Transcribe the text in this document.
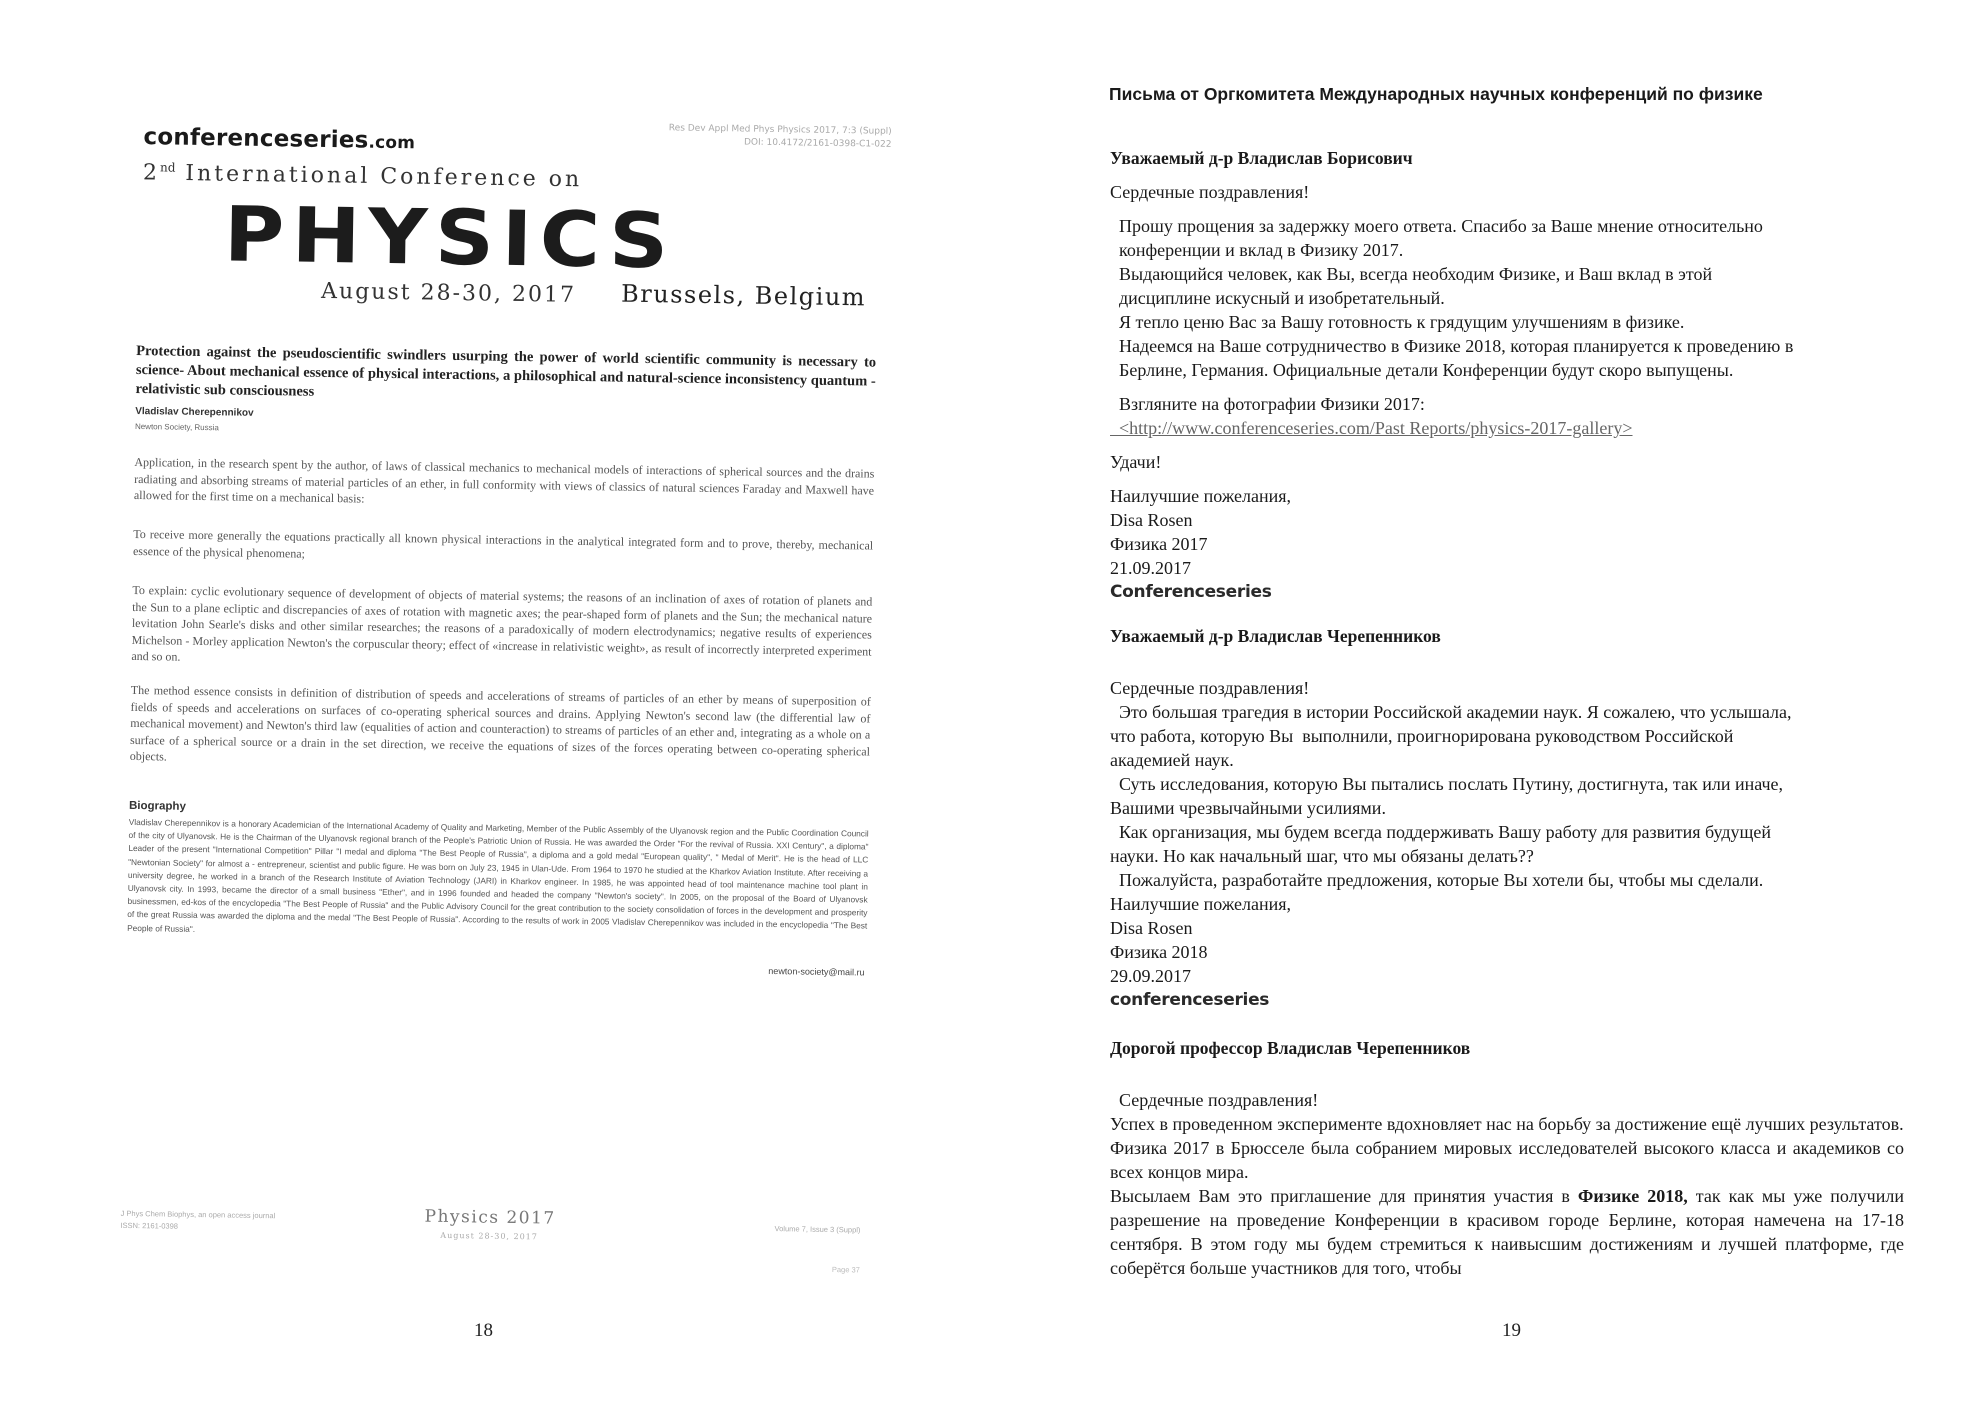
conferenceseries.com
Res Dev Appl Med Phys Physics 2017, 7:3 (Suppl)
DOI: 10.4172/2161-0398-C1-022
2nd International Conference on
PHYSICS
August 28-30, 2017 Brussels, Belgium
Protection against the pseudoscientific swindlers usurping the power of world scientific community is necessary to science- About mechanical essence of physical interactions, a philosophical and natural-science inconsistency quantum - relativistic sub consciousness
Vladislav Cherepennikov
Newton Society, Russia
Application, in the research spent by the author, of laws of classical mechanics to mechanical models of interactions of spherical sources and the drains radiating and absorbing streams of material particles of an ether, in full conformity with views of classics of natural sciences Faraday and Maxwell have allowed for the first time on a mechanical basis:
To receive more generally the equations practically all known physical interactions in the analytical integrated form and to prove, thereby, mechanical essence of the physical phenomena;
To explain: cyclic evolutionary sequence of development of objects of material systems; the reasons of an inclination of axes of rotation of planets and the Sun to a plane ecliptic and discrepancies of axes of rotation with magnetic axes; the pear-shaped form of planets and the Sun; the mechanical nature levitation John Searle's disks and other similar researches; the reasons of a paradoxically of modern electrodynamics; negative results of experiences Michelson - Morley application Newton's the corpuscular theory; effect of «increase in relativistic weight», as result of incorrectly interpreted experiment and so on.
The method essence consists in definition of distribution of speeds and accelerations of streams of particles of an ether by means of superposition of fields of speeds and accelerations on surfaces of co-operating spherical sources and drains. Applying Newton's second law (the differential law of mechanical movement) and Newton's third law (equalities of action and counteraction) to streams of particles of an ether and, integrating as a whole on a surface of a spherical source or a drain in the set direction, we receive the equations of sizes of the forces operating between co-operating spherical objects.
Biography
Vladislav Cherepennikov is a honorary Academician of the International Academy of Quality and Marketing, Member of the Public Assembly of the Ulyanovsk region and the Public Coordination Council of the city of Ulyanovsk. He is the Chairman of the Ulyanovsk regional branch of the People's Patriotic Union of Russia. He was awarded the Order "For the revival of Russia. XXI Century", a diploma" Leader of the present "International Competition" Pillar "I medal and diploma "The Best People of Russia", a diploma and a gold medal "European quality", " Medal of Merit". He is the head of LLC "Newtonian Society" for almost a - entrepreneur, scientist and public figure. He was born on July 23, 1945 in Ulan-Ude. From 1964 to 1970 he studied at the Kharkov Aviation Institute. After receiving a university degree, he worked in a branch of the Research Institute of Aviation Technology (JARI) in Kharkov engineer. In 1985, he was appointed head of tool maintenance machine tool plant in Ulyanovsk city. In 1993, became the director of a small business "Ether", and in 1996 founded and headed the company "Newton's society". In 2005, on the proposal of the Board of Ulyanovsk businessmen, ed-kos of the encyclopedia "The Best People of Russia" and the Public Advisory Council for the great contribution to the society consolidation of forces in the development and prosperity of the great Russia was awarded the diploma and the medal "The Best People of Russia". According to the results of work in 2005 Vladislav Cherepennikov was included in the encyclopedia "The Best People of Russia".
newton-society@mail.ru
J Phys Chem Biophys, an open access journal
ISSN: 2161-0398	Physics 2017
August 28-30, 2017
Volume 7, Issue 3 (Suppl)
Page 37
18
Письма от Оргкомитета Международных научных конференций по физике
Уважаемый д-р Владислав Борисович
Сердечные поздравления!
Прошу прощения за задержку моего ответа. Спасибо за Ваше мнение относительно
конференции и вклад в Физику 2017.
Выдающийся человек, как Вы, всегда необходим Физике, и Ваш вклад в этой
дисциплине искусный и изобретательный.
Я тепло ценю Вас за Вашу готовность к грядущим улучшениям в физике.
Надеемся на Ваше сотрудничество в Физике 2018, которая планируется к проведению в
Берлине, Германия. Официальные детали Конференции будут скоро выпущены.
Взгляните на фотографии Физики 2017:
<http://www.conferenceseries.com/Past Reports/physics-2017-gallery>
Удачи!
Наилучшие пожелания,
Disa Rosen
Физика 2017
21.09.2017
Conferenceseries
Уважаемый д-р Владислав Черепенников
Сердечные поздравления!
Это большая трагедия в истории Российской академии наук. Я сожалею, что услышала,
что работа, которую Вы  выполнили, проигнорирована руководством Российской
академией наук.
Суть исследования, которую Вы пытались послать Путину, достигнута, так или иначе,
Вашими чрезвычайными усилиями.
Как организация, мы будем всегда поддерживать Вашу работу для развития будущей
науки. Но как начальный шаг, что мы обязаны делать??
Пожалуйста, разработайте предложения, которые Вы хотели бы, чтобы мы сделали.
Наилучшие пожелания,
Disa Rosen
Физика 2018
29.09.2017
conferenceseries
Дорогой профессор Владислав Черепенников
Сердечные поздравления!
Успех в проведенном эксперименте вдохновляет нас на борьбу за достижение ещё лучших результатов.
Физика 2017 в Брюсселе была собранием мировых исследователей высокого класса и академиков со всех концов мира.
Высылаем Вам это приглашение для принятия участия в Физике 2018, так как мы уже получили разрешение на проведение Конференции в красивом городе Берлине, которая намечена на 17-18 сентября. В этом году мы будем стремиться к наивысшим достижениям и лучшей платформе, где соберётся больше участников для того, чтобы
19
